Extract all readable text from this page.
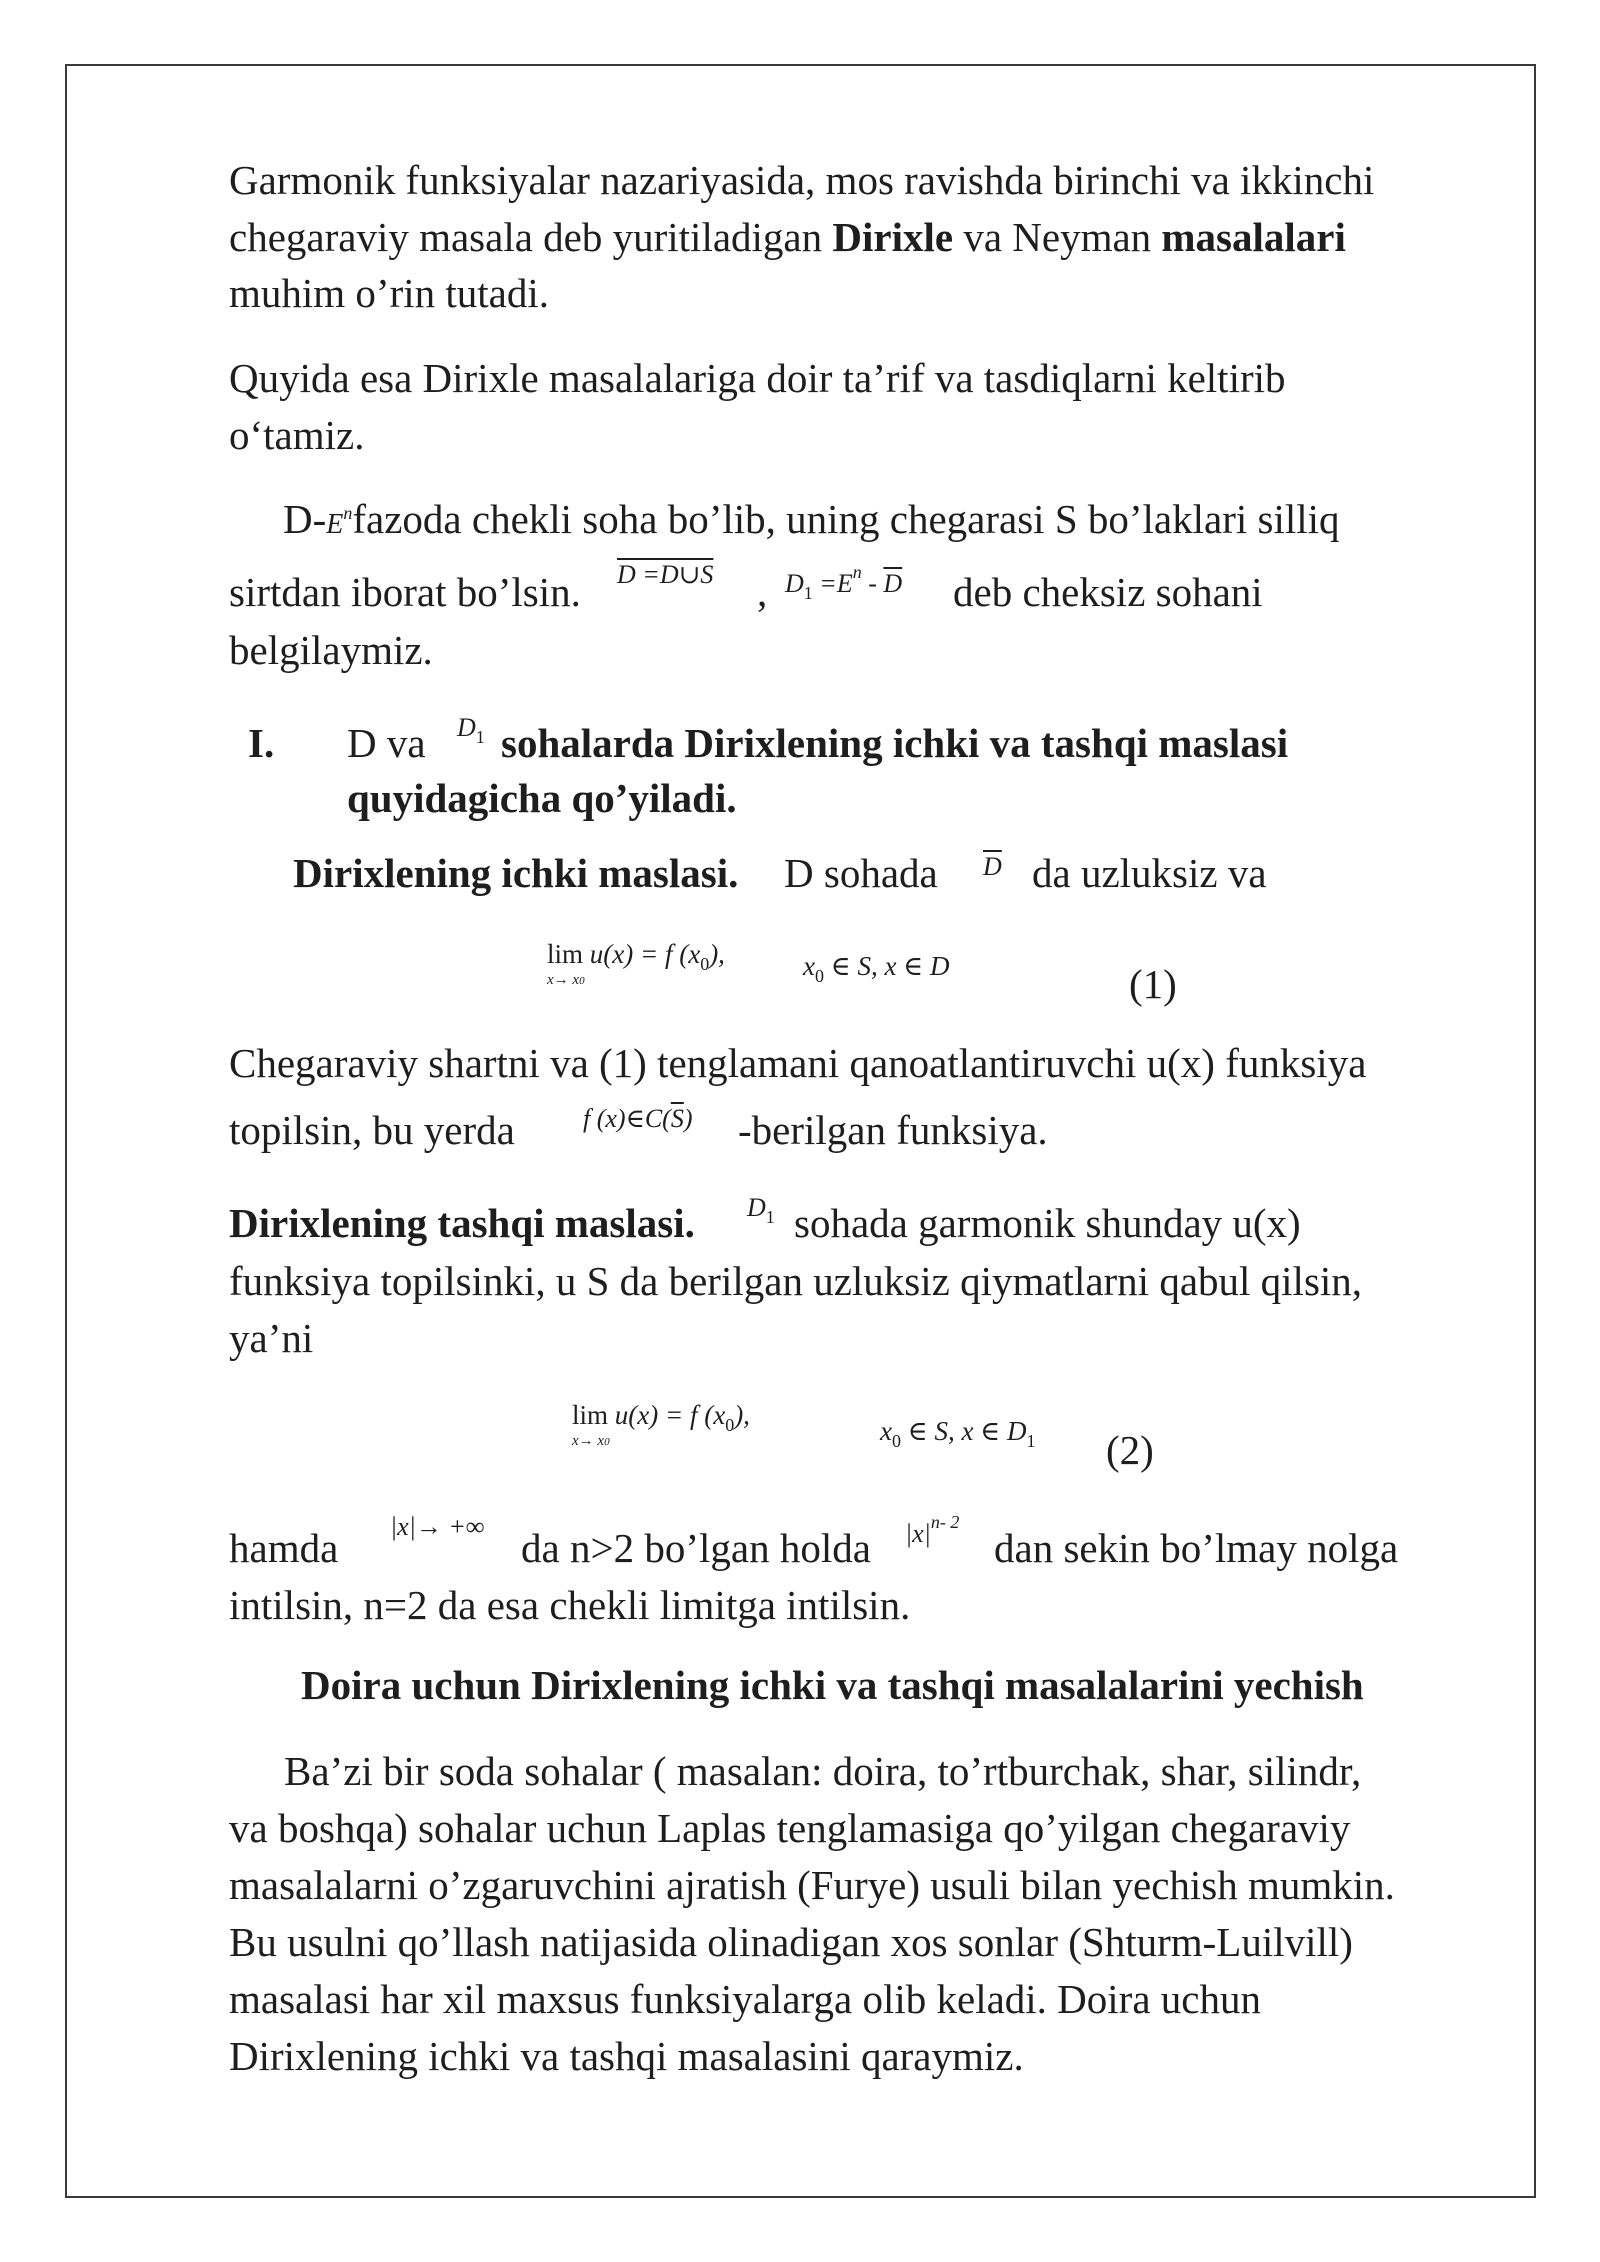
Garmonik funksiyalar nazariyasida, mos ravishda birinchi va ikkinchi
chegaraviy masala deb yuritiladigan Dirixle va Neyman masalalari
muhim o’rin tutadi.
Quyida esa Dirixle masalalariga doir ta’rif va tasdiqlarni keltirib
o‘tamiz.
$D-E^nfazoda$ chekli soha bo’lib, uning chegarasi S bo’laklari silliq
sirtdan iborat bo’lsin. D =D∪S , $D_1 =E^n - \overline{D}$ deb cheksiz sohani
belgilaymiz.
I. D va $D_1$ sohalarda Dirixlening ichki va tashqi maslasi
quyidagicha qo’yiladi.
Dirixlening ichki maslasi. D sohada $\overline{D}$ da uzluksiz va
lim u(x) = f $(x_0)$,
x→ x0	$x_0$ ∈ S, x ∈ D	(1)
Chegaraviy shartni va (1) tenglamani qanoatlantiruvchi u(x) funksiya
topilsin, bu yerda	f $(x)\in C(\overline{S})$ -berilgan funksiya.
Dirixlening tashqi maslasi. $D_1$ sohada garmonik shunday u(x)
funksiya topilsinki, u S da berilgan uzluksiz qiymatlarni qabul qilsin,
ya’ni
lim u(x) = f $(x_0)$,
x→ x0	$x_0$ ∈ S, x ∈ $D_1$ (2)
hamda |x|→ +∞ da n>2 bo’lgan holda $|x|^{n- 2}$
dan sekin bo’lmay nolga
intilsin, n=2 da esa chekli limitga intilsin.
Doira uchun Dirixlening ichki va tashqi masalalarini yechish
Ba’zi bir soda sohalar ( masalan: doira, to’rtburchak, shar, silindr,
va boshqa) sohalar uchun Laplas tenglamasiga qo’yilgan chegaraviy
masalalarni o’zgaruvchini ajratish (Furye) usuli bilan yechish mumkin.
Bu usulni qo’llash natijasida olinadigan xos sonlar (Shturm-Luilvill)
masalasi har xil maxsus funksiyalarga olib keladi. Doira uchun
Dirixlening ichki va tashqi masalasini qaraymiz.
